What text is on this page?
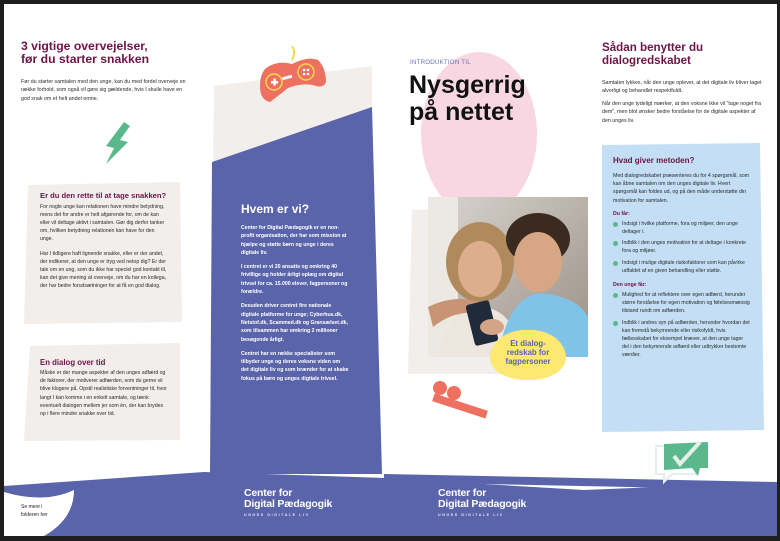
Et dialog-
redskab for
fagpersoner
3 vigtige overvejelser,
før du starter snakken

Før du starter samtalen med den unge, kan du med fordel overveje en række forhold, som også vil gøre sig gældende, hvis I skulle have en god snak om et helt andet emne.

Er du den rette til at tage snakken?

For nogle unge kan relationen have mindre betydning, mens det for andre er helt afgørende for, om de kan eller vil deltage aktivt i samtalen. Gør dig derfor tanker om, hvilken betydning relationen kan have for den unge.

Har I tidligere haft lignende snakke, eller er der andet, der indikerer, at den unge er tryg ved netop dig? Er der tale om en ung, som du ikke har speciel god kontakt til, kan det give mening at overveje, om du har en kollega, der har bedre forudsætninger for at få en god dialog.

En dialog over tid

Måske er der mange aspekter af den unges adfærd og de faktorer, der motiverer adfærden, som du gerne vil blive klogere på. Opstil realistiske forventninger til, hvor langt I kan komme i en enkelt samtale, og tænk eventuelt dialogen mellem jer som én, der kan brydes op i flere mindre snakke over tid.

Se mere i folderen her
Hvem er vi?

Center for Digital Pædagogik er en non-profit organisation, der har som mission at hjælpe og støtte børn og unge i deres digitale liv.

I centret er vi 20 ansatte og omkring 40 frivillige og holder årligt oplæg om digital trivsel for ca. 15.000 elever, fagpersoner og forældre.

Desuden driver centret fire nationale digitale platforme for unge; Cyberhus.dk, Netstof.dk, Scammed.dk og Gransælset.dk, som tilsammen har omkring 2 millioner besøgende årligt.

Centret har en række specialister som tilbyder unge og deres voksne viden om det digitale liv og som brænder for at skabe fokus på børn og unges digitale trivsel.

INTRODUKTION TIL
Nysgerrig
på nettet
Sådan benytter du
dialogredskabet

Samtalen lykkes, når den unge oplever, at det digitale liv bliver taget alvorligt og behandlet respektfuldt.

Når den unge tydeligt mærker, at den voksne ikke vil "tage noget fra dem", men blot ønsker bedre forståelse for de digitale aspekter af den unges liv.

Hvad giver metoden?

Med dialogredskabet præsenteres du for 4 spørgsmål, som kan åbne samtalen om den unges digitale liv. Hvert spørgsmål kan foldes ud, og på den måde understøtte din motivation for samtalen.

Du får:
Indsigt i hvilke platforme, fora og miljøer, den unge deltager i.
Indblik i den unges motivation for at deltage i konkrete fora og miljøer.
Indsigt i mulige digitale risikofaktorer som kan påvirke udfaldet af en given behandling eller støtte.
Den unge får:
Mulighed for at reflektere over egen adfærd, herunder større forståelse for egen motivation og følelsesmæssig tilstand rundt om adfærden.
Indblik i andres syn på adfærden, herunder hvordan det kan fremstå bekymrende eller risikofyldt, hvis fællesskabet for eksempel kræver, at den unge tager del i den bekymrende adfærd eller udtrykker bestemte værdier.
Center for
Digital Pædagogik
UNGES DIGITALE LIV
Center for
Digital Pædagogik
UNGES DIGITALE LIV
